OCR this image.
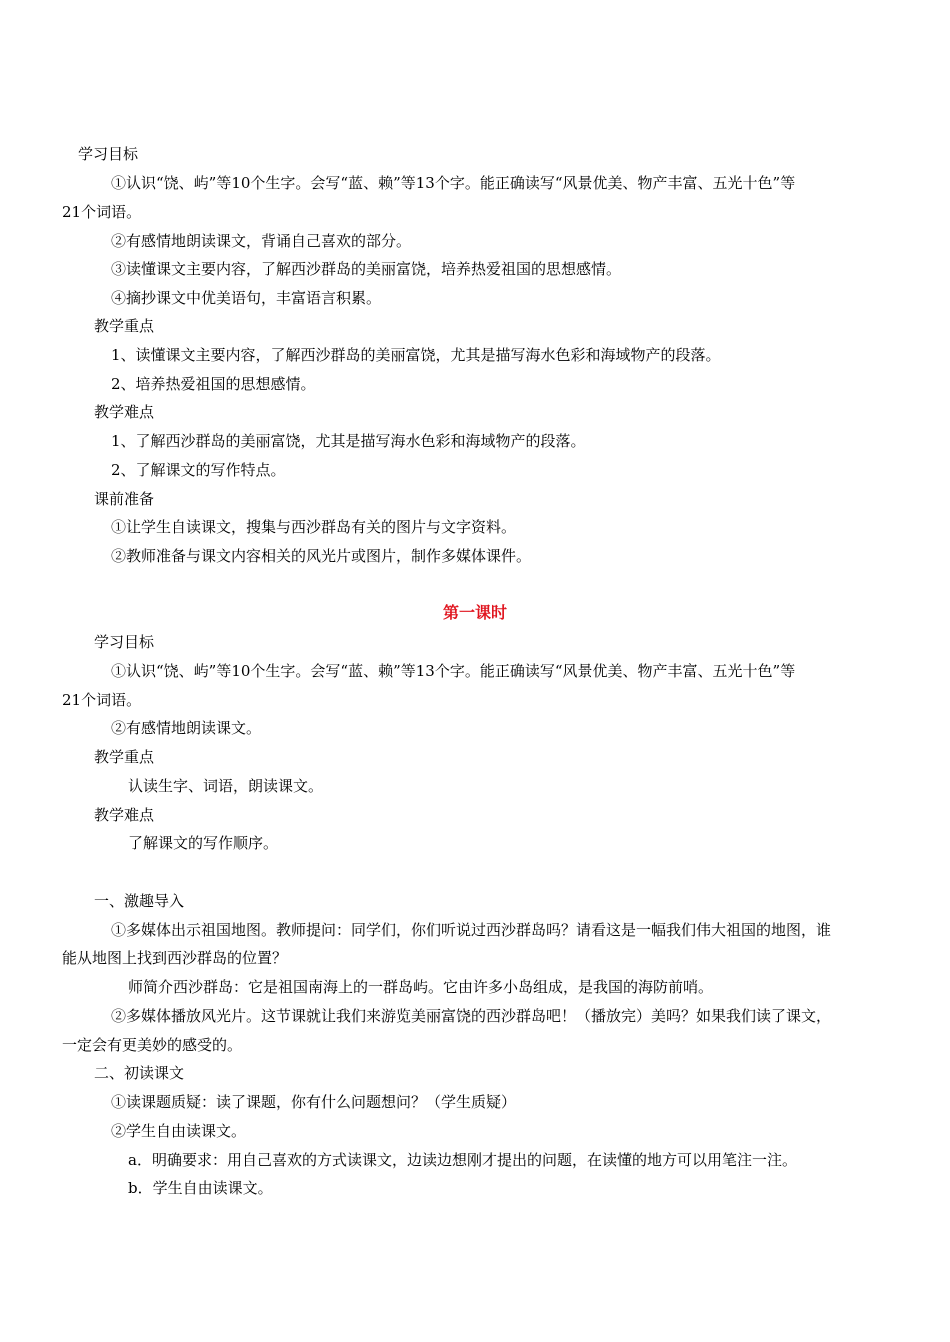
学习目标
①认识“饶、屿”等10个生字。会写“蓝、赖”等13个字。能正确读写“风景优美、物产丰富、五光十色”等
21个词语。
②有感情地朗读课文，背诵自己喜欢的部分。
③读懂课文主要内容，了解西沙群岛的美丽富饶，培养热爱祖国的思想感情。
④摘抄课文中优美语句，丰富语言积累。
教学重点
1、读懂课文主要内容，了解西沙群岛的美丽富饶，尤其是描写海水色彩和海域物产的段落。
2、培养热爱祖国的思想感情。
教学难点
1、了解西沙群岛的美丽富饶，尤其是描写海水色彩和海域物产的段落。
2、了解课文的写作特点。
课前准备
①让学生自读课文，搜集与西沙群岛有关的图片与文字资料。
②教师准备与课文内容相关的风光片或图片，制作多媒体课件。
第一课时
学习目标
①认识“饶、屿”等10个生字。会写“蓝、赖”等13个字。能正确读写“风景优美、物产丰富、五光十色”等
21个词语。
②有感情地朗读课文。
教学重点
认读生字、词语，朗读课文。
教学难点
了解课文的写作顺序。
一、激趣导入
①多媒体出示祖国地图。教师提问：同学们，你们听说过西沙群岛吗？请看这是一幅我们伟大祖国的地图，谁
能从地图上找到西沙群岛的位置？
师简介西沙群岛：它是祖国南海上的一群岛屿。它由许多小岛组成，是我国的海防前哨。
②多媒体播放风光片。这节课就让我们来游览美丽富饶的西沙群岛吧！（播放完）美吗？如果我们读了课文，
一定会有更美妙的感受的。
二、初读课文
①读课题质疑：读了课题，你有什么问题想问？（学生质疑）
②学生自由读课文。
a．明确要求：用自己喜欢的方式读课文，边读边想刚才提出的问题，在读懂的地方可以用笔注一注。
b．学生自由读课文。
